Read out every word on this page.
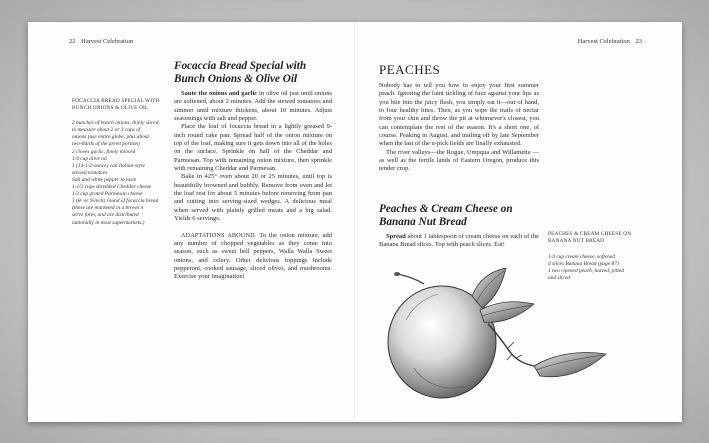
22 Harvest Celebration
Focaccia Bread Special with Bunch Onions & Olive Oil
FOCACCIA BREAD SPECIAL WITH BUNCH ONIONS & OLIVE OIL
2 bunches of bunch onions, thinly sliced,
to measure about 2 or 3 cups of
onions (use entire globe, plus about
two-thirds of the green portion)
2 cloves garlic, finely minced
1/4 cup olive oil
1 (14-1/2-ounce) can Italian-style
stewed tomatoes
Salt and white pepper to taste
1-1/2 cups shredded Cheddar cheese
1/3 cup grated Parmesan cheese
1 (8- or 9-inch) round of focaccia bread
(these are marketed in a brown n
serve form, and are distributed
nationally in most supermarkets.)

Saute the onions and garlic in olive oil just until onions are softened, about 2 minutes. Add the stewed tomatoes and simmer until mixture thickens, about 10 minutes. Adjust seasonings with salt and pepper.

Place the loaf of focaccia bread in a lightly greased 9-inch round cake pan. Spread half of the onion mixture on top of the loaf, making sure it gets down into all of the holes on the surface. Sprinkle on half of the Cheddar and Parmesan. Top with remaining onion mixture, then sprinkle with remaining Cheddar and Parmesan.

Bake in 425° oven about 20 or 25 minutes, until top is beautifully browned and bubbly. Remove from oven and let the loaf rest for about 5 minutes before removing from pan and cutting into serving-sized wedges. A delicious meal when served with plainly grilled meats and a big salad. Yields 6 servings.

ADAPTATIONS ABOUND. To the onion mixture, add any number of chopped vegetables as they come into season, such as sweet bell peppers, Walla Walla Sweet onions, and celery. Other delicious toppings include pepperoni, cooked sausage, sliced olives, and mushrooms. Exercise your imagination!

Harvest Celebration 23
PEACHES

Nobody has to tell you how to enjoy your first summer peach. Ignoring the faint tickling of fuzz against your lips as you bite into the juicy flesh, you simply eat it—out of hand, to four healthy bites. Then, as you wipe the trails of nectar from your chin and throw the pit at whomever's closest, you can contemplate the rest of the season. It's a short one, of course. Peaking in August, and trailing off by late September when the last of the u-pick fields are finally exhausted.

The river valleys—the Rogue, Umpqua and Willamette —as well as the fertile lands of Eastern Oregon, produce this tender crop.

Peaches & Cream Cheese on Banana Nut Bread

Spread about 1 tablespoon of cream cheese on each of the Banana Bread slices. Top with peach slices. Eat!

PEACHES & CREAM CHEESE ON BANANA NUT BREAD
1/4 cup cream cheese, softened
4 slices Banana Bread (page 87)
1 two ripened peach, halved, pitted
and sliced
